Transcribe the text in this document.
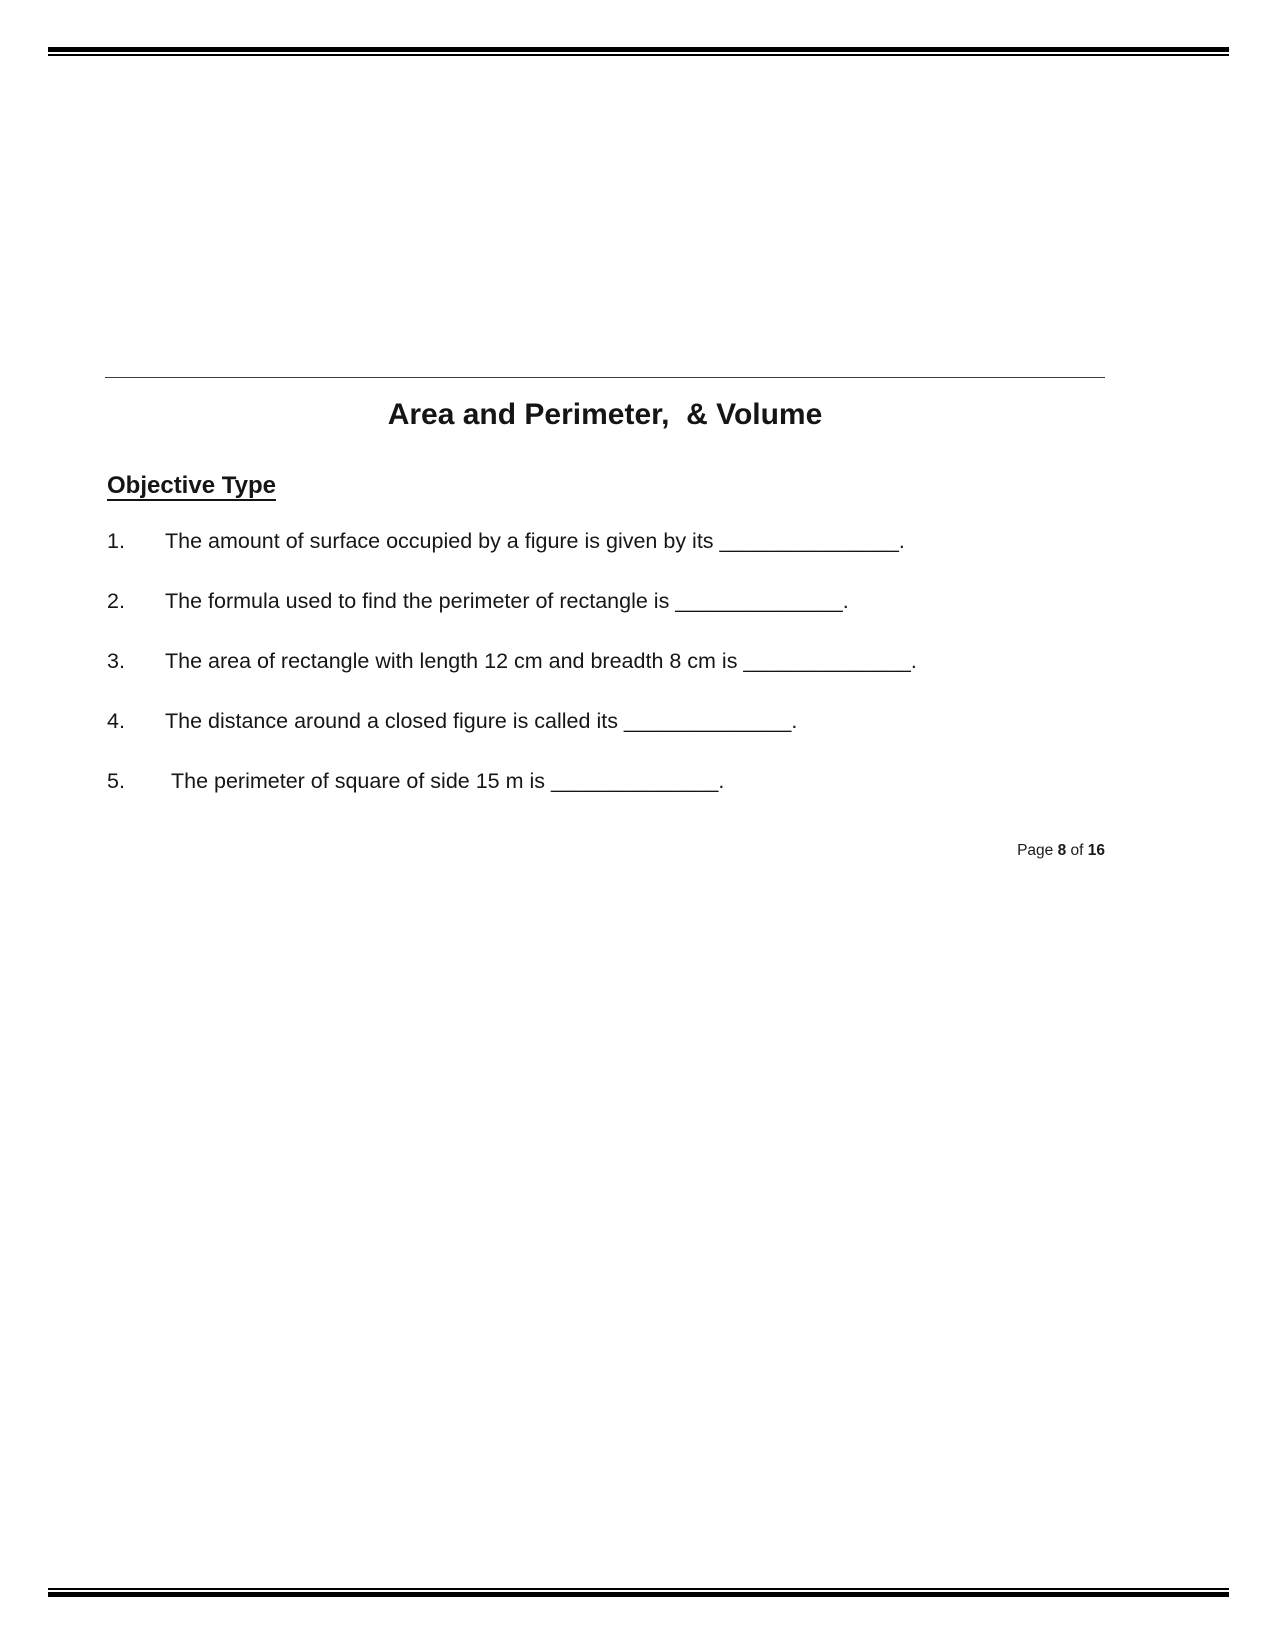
Area and Perimeter,  & Volume
Objective Type
1.	The amount of surface occupied by a figure is given by its _______________.
2.	The formula used to find the perimeter of rectangle is ______________.
3.	The area of rectangle with length 12 cm and breadth 8 cm is ______________.
4.	The distance around a closed figure is called its ______________.
5.	The perimeter of square of side 15 m is ______________.
Page 8 of 16
